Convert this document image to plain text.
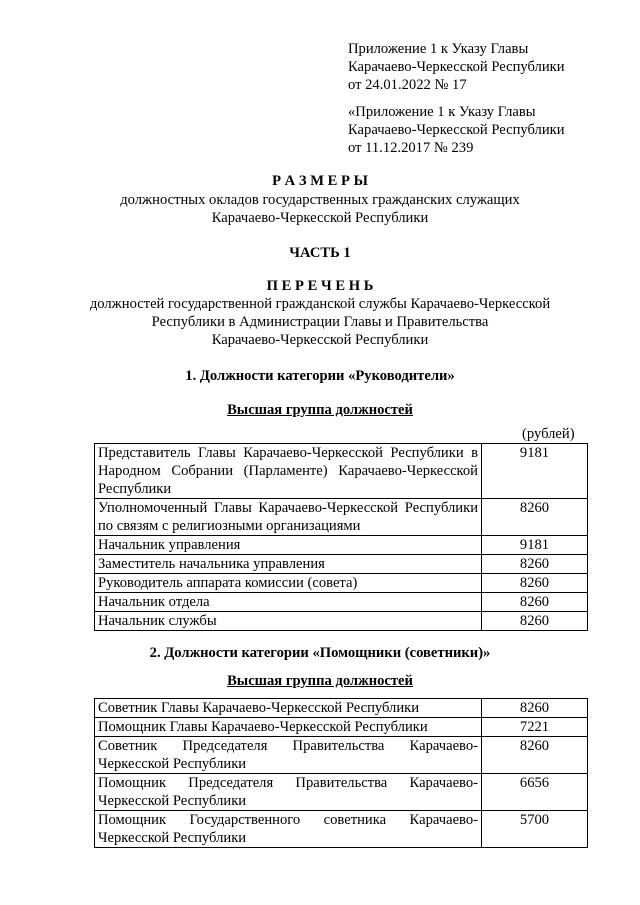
Приложение 1 к Указу Главы
Карачаево-Черкесской Республики
от 24.01.2022 № 17
«Приложение 1 к Указу Главы
Карачаево-Черкесской Республики
от 11.12.2017 № 239
Р А З М Е Р Ы
должностных окладов государственных гражданских служащих
Карачаево-Черкесской Республики
ЧАСТЬ 1
П Е Р Е Ч Е Н Ь
должностей государственной гражданской службы Карачаево-Черкесской
Республики в Администрации Главы и Правительства
Карачаево-Черкесской Республики
1. Должности категории «Руководители»
Высшая группа должностей
(рублей)
Представитель Главы Карачаево-Черкесской Республики в Народном Собрании (Парламенте) Карачаево-Черкесской Республики	9181
Уполномоченный Главы Карачаево-Черкесской Республики по связям с религиозными организациями	8260
Начальник управления	9181
Заместитель начальника управления	8260
Руководитель аппарата комиссии (совета)	8260
Начальник отдела	8260
Начальник службы	8260
2. Должности категории «Помощники (советники)»
Высшая группа должностей
Советник Главы Карачаево-Черкесской Республики	8260
Помощник Главы Карачаево-Черкесской Республики	7221
Советник Председателя Правительства Карачаево-Черкесской Республики	8260
Помощник Председателя Правительства Карачаево-Черкесской Республики	6656
Помощник Государственного советника Карачаево-Черкесской Республики	5700
